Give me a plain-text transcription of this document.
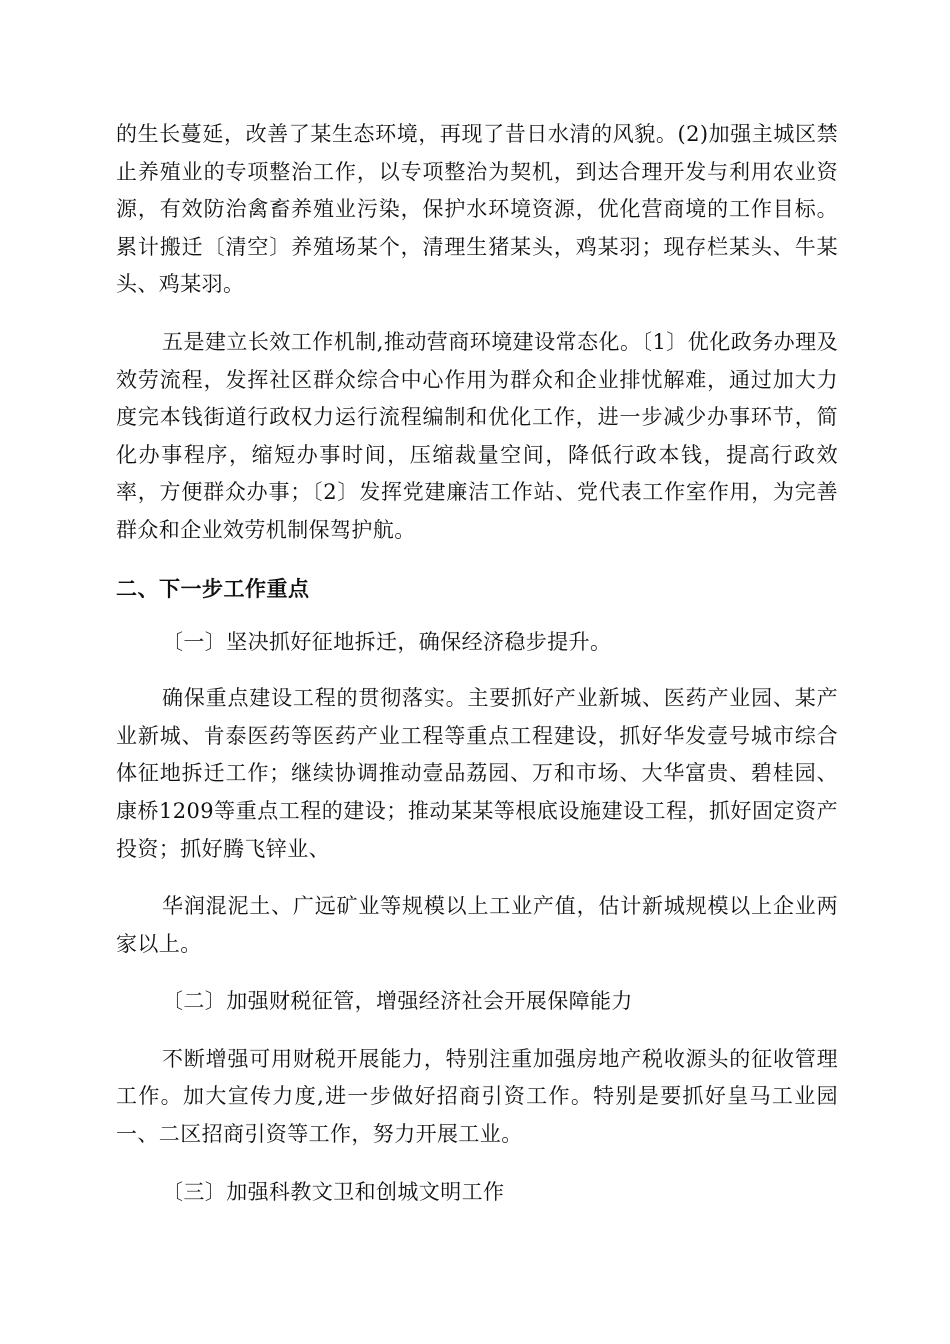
的生长蔓延，改善了某生态环境，再现了昔日水清的风貌。(2)加强主城区禁止养殖业的专项整治工作，以专项整治为契机，到达合理开发与利用农业资源，有效防治禽畜养殖业污染，保护水环境资源，优化营商境的工作目标。累计搬迁〔清空〕养殖场某个，清理生猪某头，鸡某羽；现存栏某头、牛某头、鸡某羽。

五是建立长效工作机制,推动营商环境建设常态化。〔1〕优化政务办理及效劳流程，发挥社区群众综合中心作用为群众和企业排忧解难，通过加大力度完本钱街道行政权力运行流程编制和优化工作，进一步减少办事环节，简化办事程序，缩短办事时间，压缩裁量空间，降低行政本钱，提高行政效率，方便群众办事；〔2〕发挥党建廉洁工作站、党代表工作室作用，为完善群众和企业效劳机制保驾护航。

二、下一步工作重点

〔一〕坚决抓好征地拆迁，确保经济稳步提升。

确保重点建设工程的贯彻落实。主要抓好产业新城、医药产业园、某产业新城、肯泰医药等医药产业工程等重点工程建设，抓好华发壹号城市综合体征地拆迁工作；继续协调推动壹品荔园、万和市场、大华富贵、碧桂园、康桥1209等重点工程的建设；推动某某等根底设施建设工程，抓好固定资产投资；抓好腾飞锌业、

华润混泥土、广远矿业等规模以上工业产值，估计新城规模以上企业两家以上。

〔二〕加强财税征管，增强经济社会开展保障能力

不断增强可用财税开展能力，特别注重加强房地产税收源头的征收管理工作。加大宣传力度,进一步做好招商引资工作。特别是要抓好皇马工业园一、二区招商引资等工作，努力开展工业。

〔三〕加强科教文卫和创城文明工作
